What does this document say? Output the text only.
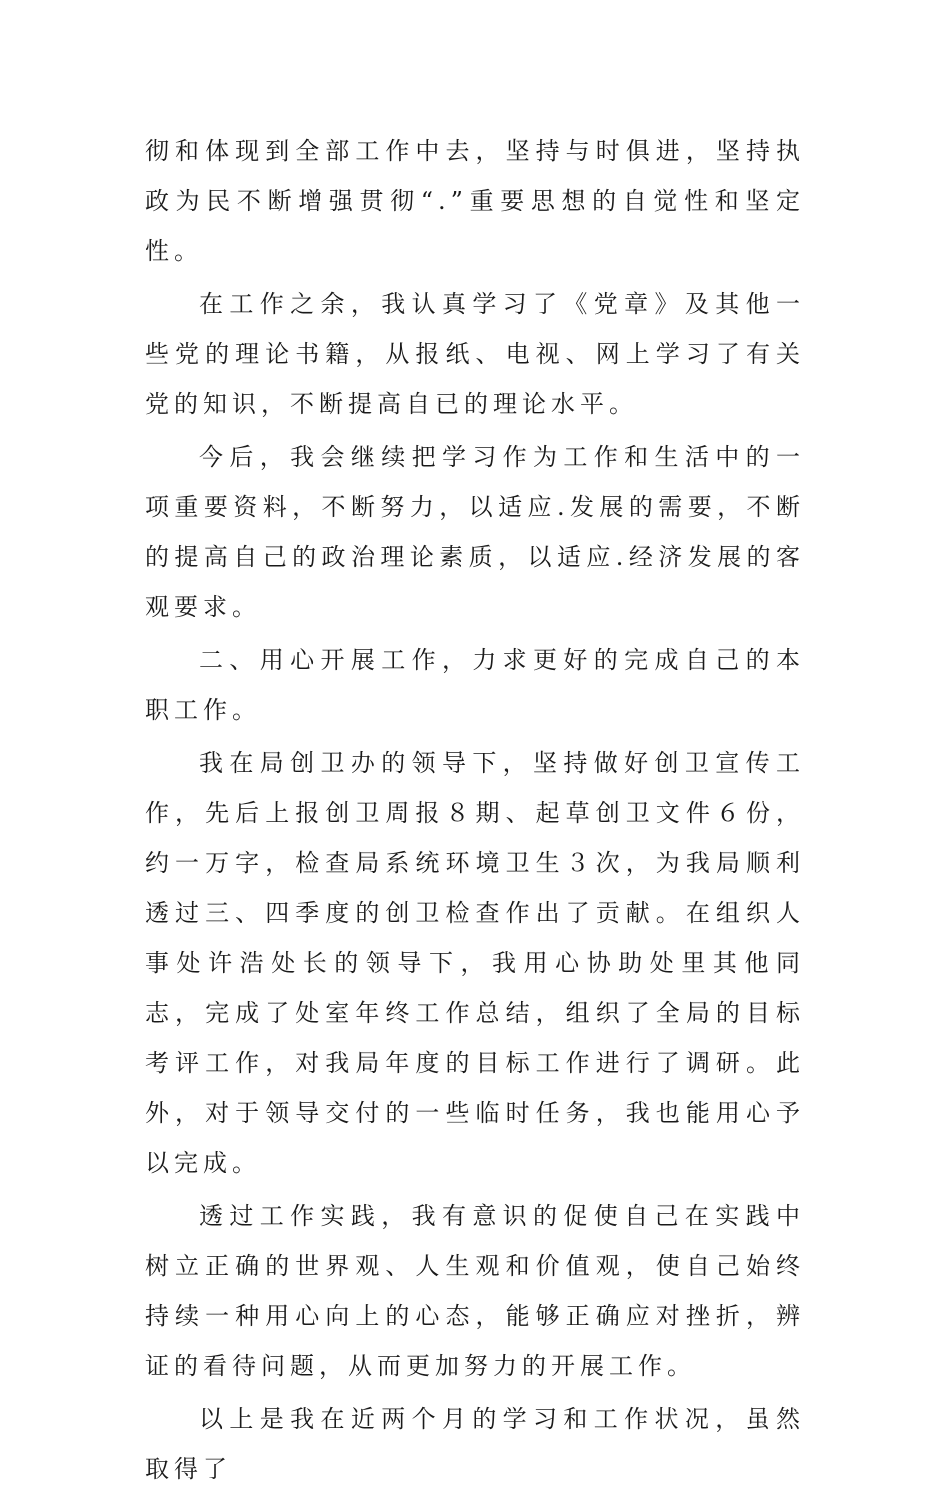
彻和体现到全部工作中去，坚持与时俱进，坚持执政为民不断增强贯彻“.”重要思想的自觉性和坚定性。

在工作之余，我认真学习了《党章》及其他一些党的理论书籍，从报纸、电视、网上学习了有关党的知识，不断提高自已的理论水平。

今后，我会继续把学习作为工作和生活中的一项重要资料，不断努力，以适应.发展的需要，不断的提高自己的政治理论素质，以适应.经济发展的客观要求。

二、用心开展工作，力求更好的完成自己的本职工作。

我在局创卫办的领导下，坚持做好创卫宣传工作，先后上报创卫周报８期、起草创卫文件６份，约一万字，检查局系统环境卫生３次，为我局顺利透过三、四季度的创卫检查作出了贡献。在组织人事处许浩处长的领导下，我用心协助处里其他同志，完成了处室年终工作总结，组织了全局的目标考评工作，对我局年度的目标工作进行了调研。此外，对于领导交付的一些临时任务，我也能用心予以完成。

透过工作实践，我有意识的促使自己在实践中树立正确的世界观、人生观和价值观，使自己始终持续一种用心向上的心态，能够正确应对挫折，辨证的看待问题，从而更加努力的开展工作。

以上是我在近两个月的学习和工作状况，虽然取得了
